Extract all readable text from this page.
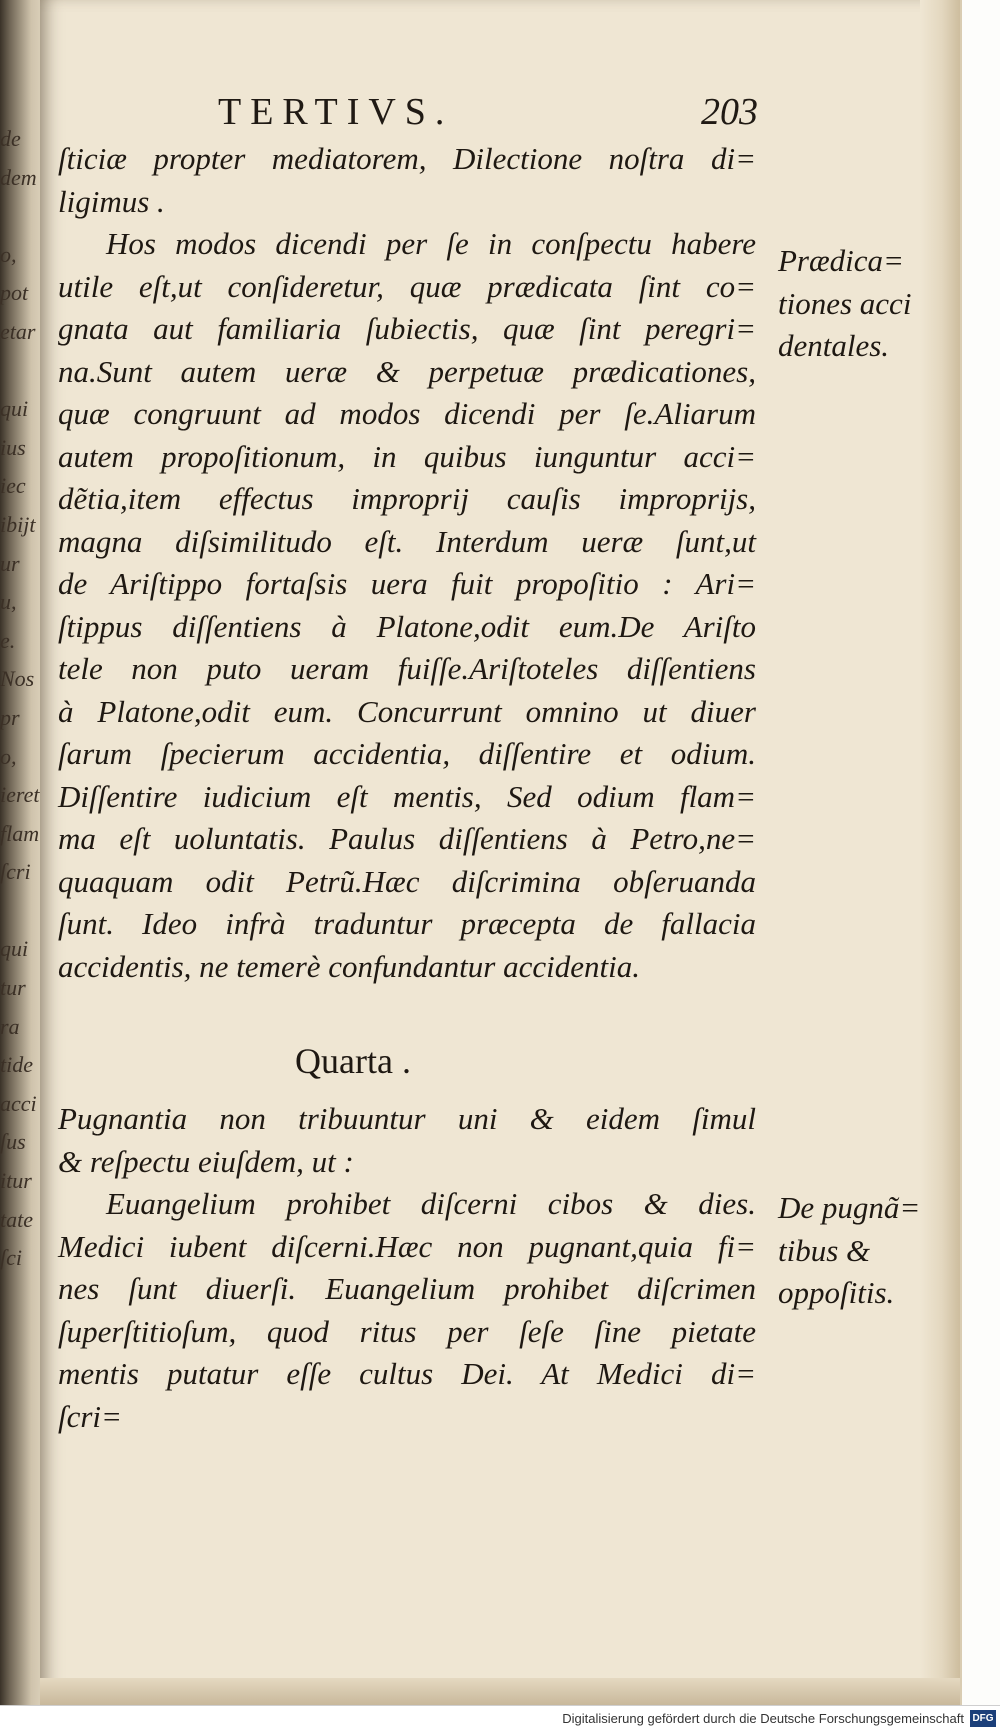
de
dem
o,
pot
etar
qui
ius
iec
ibijt
ur
u,
e.
Nos
pr
o,
ieret
flam
ſcri
qui
tur
ra
tide
acci
ſus
itur
tate
ſci
TERTIVS.	203
ſticiæ propter mediatorem, Dilectione noſtra di=
ligimus .
Hos modos dicendi per ſe in conſpectu habere
utile eſt,ut conſideretur, quæ prædicata ſint co=
gnata aut familiaria ſubiectis, quæ ſint peregri=
na.Sunt autem ueræ & perpetuæ prædicationes,
quæ congruunt ad modos dicendi per ſe.Aliarum
autem propoſitionum, in quibus iunguntur acci=
dẽtia,item effectus improprij cauſis improprijs,
magna diſsimilitudo eſt. Interdum ueræ ſunt,ut
de Ariſtippo fortaſsis uera fuit propoſitio : Ari=
ſtippus diſſentiens à Platone,odit eum.De Ariſto
tele non puto ueram fuiſſe.Ariſtoteles diſſentiens
à Platone,odit eum. Concurrunt omnino ut diuer
ſarum ſpecierum accidentia, diſſentire et odium.
Diſſentire iudicium eſt mentis, Sed odium flam=
ma eſt uoluntatis. Paulus diſſentiens à Petro,ne=
quaquam odit Petrũ.Hæc diſcrimina obſeruanda
ſunt. Ideo infrà traduntur præcepta de fallacia
accidentis, ne temerè confundantur accidentia.
Quarta .
Pugnantia non tribuuntur uni & eidem ſimul
& reſpectu eiuſdem, ut :
Euangelium prohibet diſcerni cibos & dies.
Medici iubent diſcerni.Hæc non pugnant,quia fi=
nes ſunt diuerſi. Euangelium prohibet diſcrimen
ſuperſtitioſum, quod ritus per ſeſe ſine pietate
mentis putatur eſſe cultus Dei. At Medici di=
ſcri=
Prædica=
tiones acci
dentales.
De pugnã=
tibus &
oppoſitis.
Digitalisierung gefördert durch die Deutsche Forschungsgemeinschaft DFG
